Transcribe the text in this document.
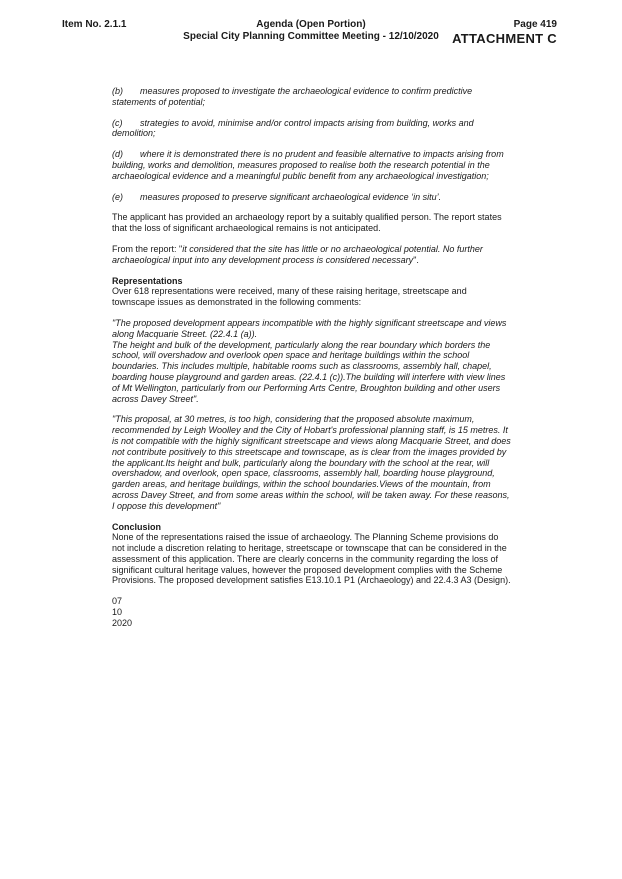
Item No. 2.1.1	Agenda (Open Portion)
Special City Planning Committee Meeting - 12/10/2020
Page 419
ATTACHMENT C

(b) measures proposed to investigate the archaeological evidence to confirm predictive statements of potential;

(c) strategies to avoid, minimise and/or control impacts arising from building, works and demolition;

(d) where it is demonstrated there is no prudent and feasible alternative to impacts arising from building, works and demolition, measures proposed to realise both the research potential in the archaeological evidence and a meaningful public benefit from any archaeological investigation;

(e) measures proposed to preserve significant archaeological evidence ‘in situ’.

The applicant has provided an archaeology report by a suitably qualified person. The report states that the loss of significant archaeological remains is not anticipated.

From the report: "it considered that the site has little or no archaeological potential. No further archaeological input into any development process is considered necessary".

Representations

Over 618 representations were received, many of these raising heritage, streetscape and townscape issues as demonstrated in the following comments:

"The proposed development appears incompatible with the highly significant streetscape and views along Macquarie Street. (22.4.1 (a)).
The height and bulk of the development, particularly along the rear boundary which borders the school, will overshadow and overlook open space and heritage buildings within the school boundaries. This includes multiple, habitable rooms such as classrooms, assembly hall, chapel, boarding house playground and garden areas. (22.4.1 (c)).The building will interfere with view lines of Mt Wellington, particularly from our Performing Arts Centre, Broughton building and other users across Davey Street".

"This proposal, at 30 metres, is too high, considering that the proposed absolute maximum, recommended by Leigh Woolley and the City of Hobart's professional planning staff, is 15 metres. It is not compatible with the highly significant streetscape and views along Macquarie Street, and does not contribute positively to this streetscape and townscape, as is clear from the images provided by the applicant.Its height and bulk, particularly along the boundary with the school at the rear, will overshadow, and overlook, open space, classrooms, assembly hall, boarding house playground, garden areas, and heritage buildings, within the school boundaries.Views of the mountain, from across Davey Street, and from some areas within the school, will be taken away. For these reasons, I oppose this development"

Conclusion

None of the representations raised the issue of archaeology. The Planning Scheme provisions do not include a discretion relating to heritage, streetscape or townscape that can be considered in the assessment of this application. There are clearly concerns in the community regarding the loss of significant cultural heritage values, however the proposed development complies with the Scheme Provisions. The proposed development satisfies E13.10.1 P1 (Archaeology) and 22.4.3 A3 (Design).

07
10
2020
